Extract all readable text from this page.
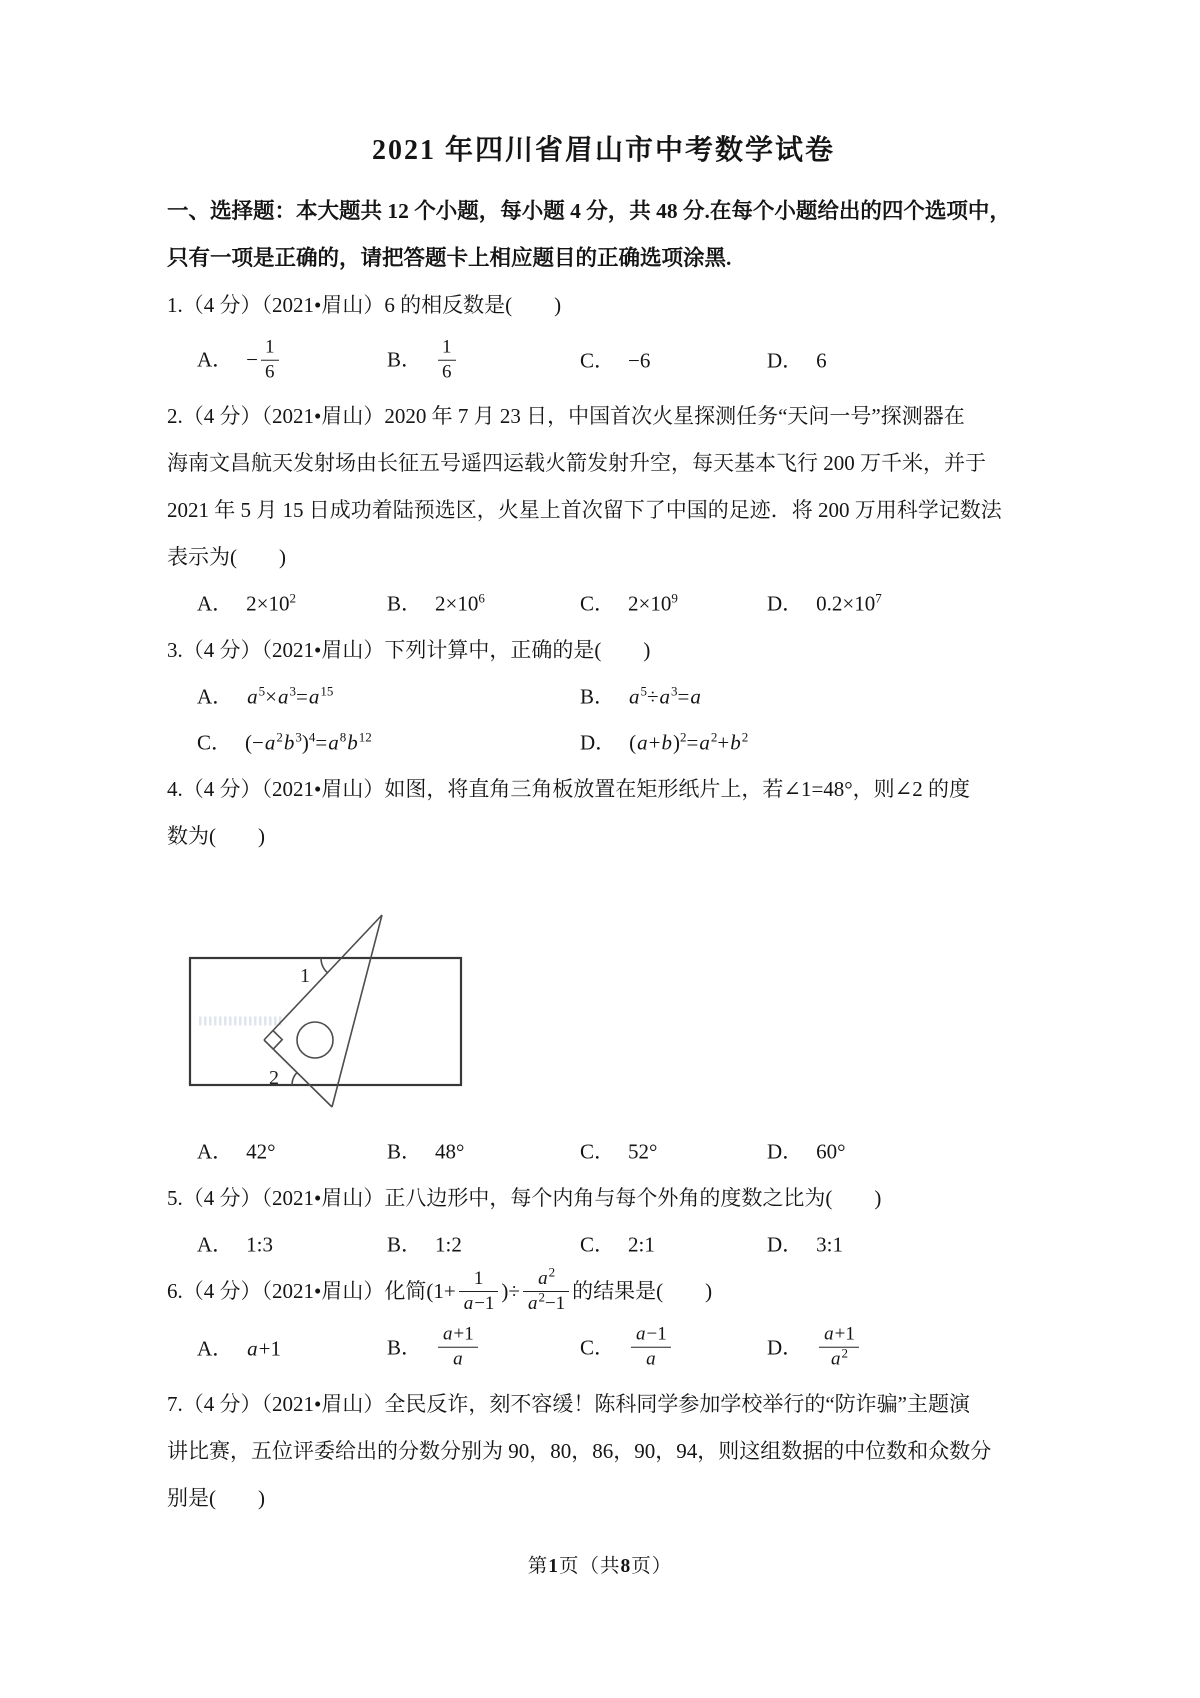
2021 年四川省眉山市中考数学试卷
一、选择题：本大题共 12 个小题，每小题 4 分，共 48 分.在每个小题给出的四个选项中，
只有一项是正确的，请把答题卡上相应题目的正确选项涂黑.
1.（4 分）（2021•眉山）6 的相反数是(　　)
A． − $\frac{1}{6}$	B． $\frac{1}{6}$	C． −6	D． 6
2.（4 分）（2021•眉山）2020 年 7 月 23 日，中国首次火星探测任务“天问一号”探测器在
海南文昌航天发射场由长征五号遥四运载火箭发射升空，每天基本飞行 200 万千米，并于
2021 年 5 月 15 日成功着陆预选区，火星上首次留下了中国的足迹．将 200 万用科学记数法
表示为(　　)
A． $2\times 10^2$	B． $2\times 10^6$	C． $2\times 10^9$	D． $0.2\times 10^7$
3.（4 分）（2021•眉山）下列计算中，正确的是(　　)
A． $a^5\times a^3=a^{15}$	B． $a^5\div a^3=a$
C． $(-a^2b^3)^4=a^8b^{12}$	D． $(a+b)^2=a^2+b^2$
4.（4 分）（2021•眉山）如图，将直角三角板放置在矩形纸片上，若∠1=48°，则∠2 的度
数为(　　)
1
2
A． 42°	B． 48°	C． 52°	D． 60°
5.（4 分）（2021•眉山）正八边形中，每个内角与每个外角的度数之比为(　　)
A． 1:3	B． 1:2	C． 2:1	D． 3:1
6.（4 分）（2021•眉山）化简($1+ \frac{1}{a-1}$ )÷ $\frac{a^2}{a^2-1}$ 的结果是(　　)
A． a+1	B． $\frac{a+1}{a}$	C． $\frac{a-1}{a}$	D． $\frac{a+1}{a^2}$
7.（4 分）（2021•眉山）全民反诈，刻不容缓！陈科同学参加学校举行的“防诈骗”主题演
讲比赛，五位评委给出的分数分别为 90，80，86，90，94，则这组数据的中位数和众数分
别是(　　)
第1页（共8页）
